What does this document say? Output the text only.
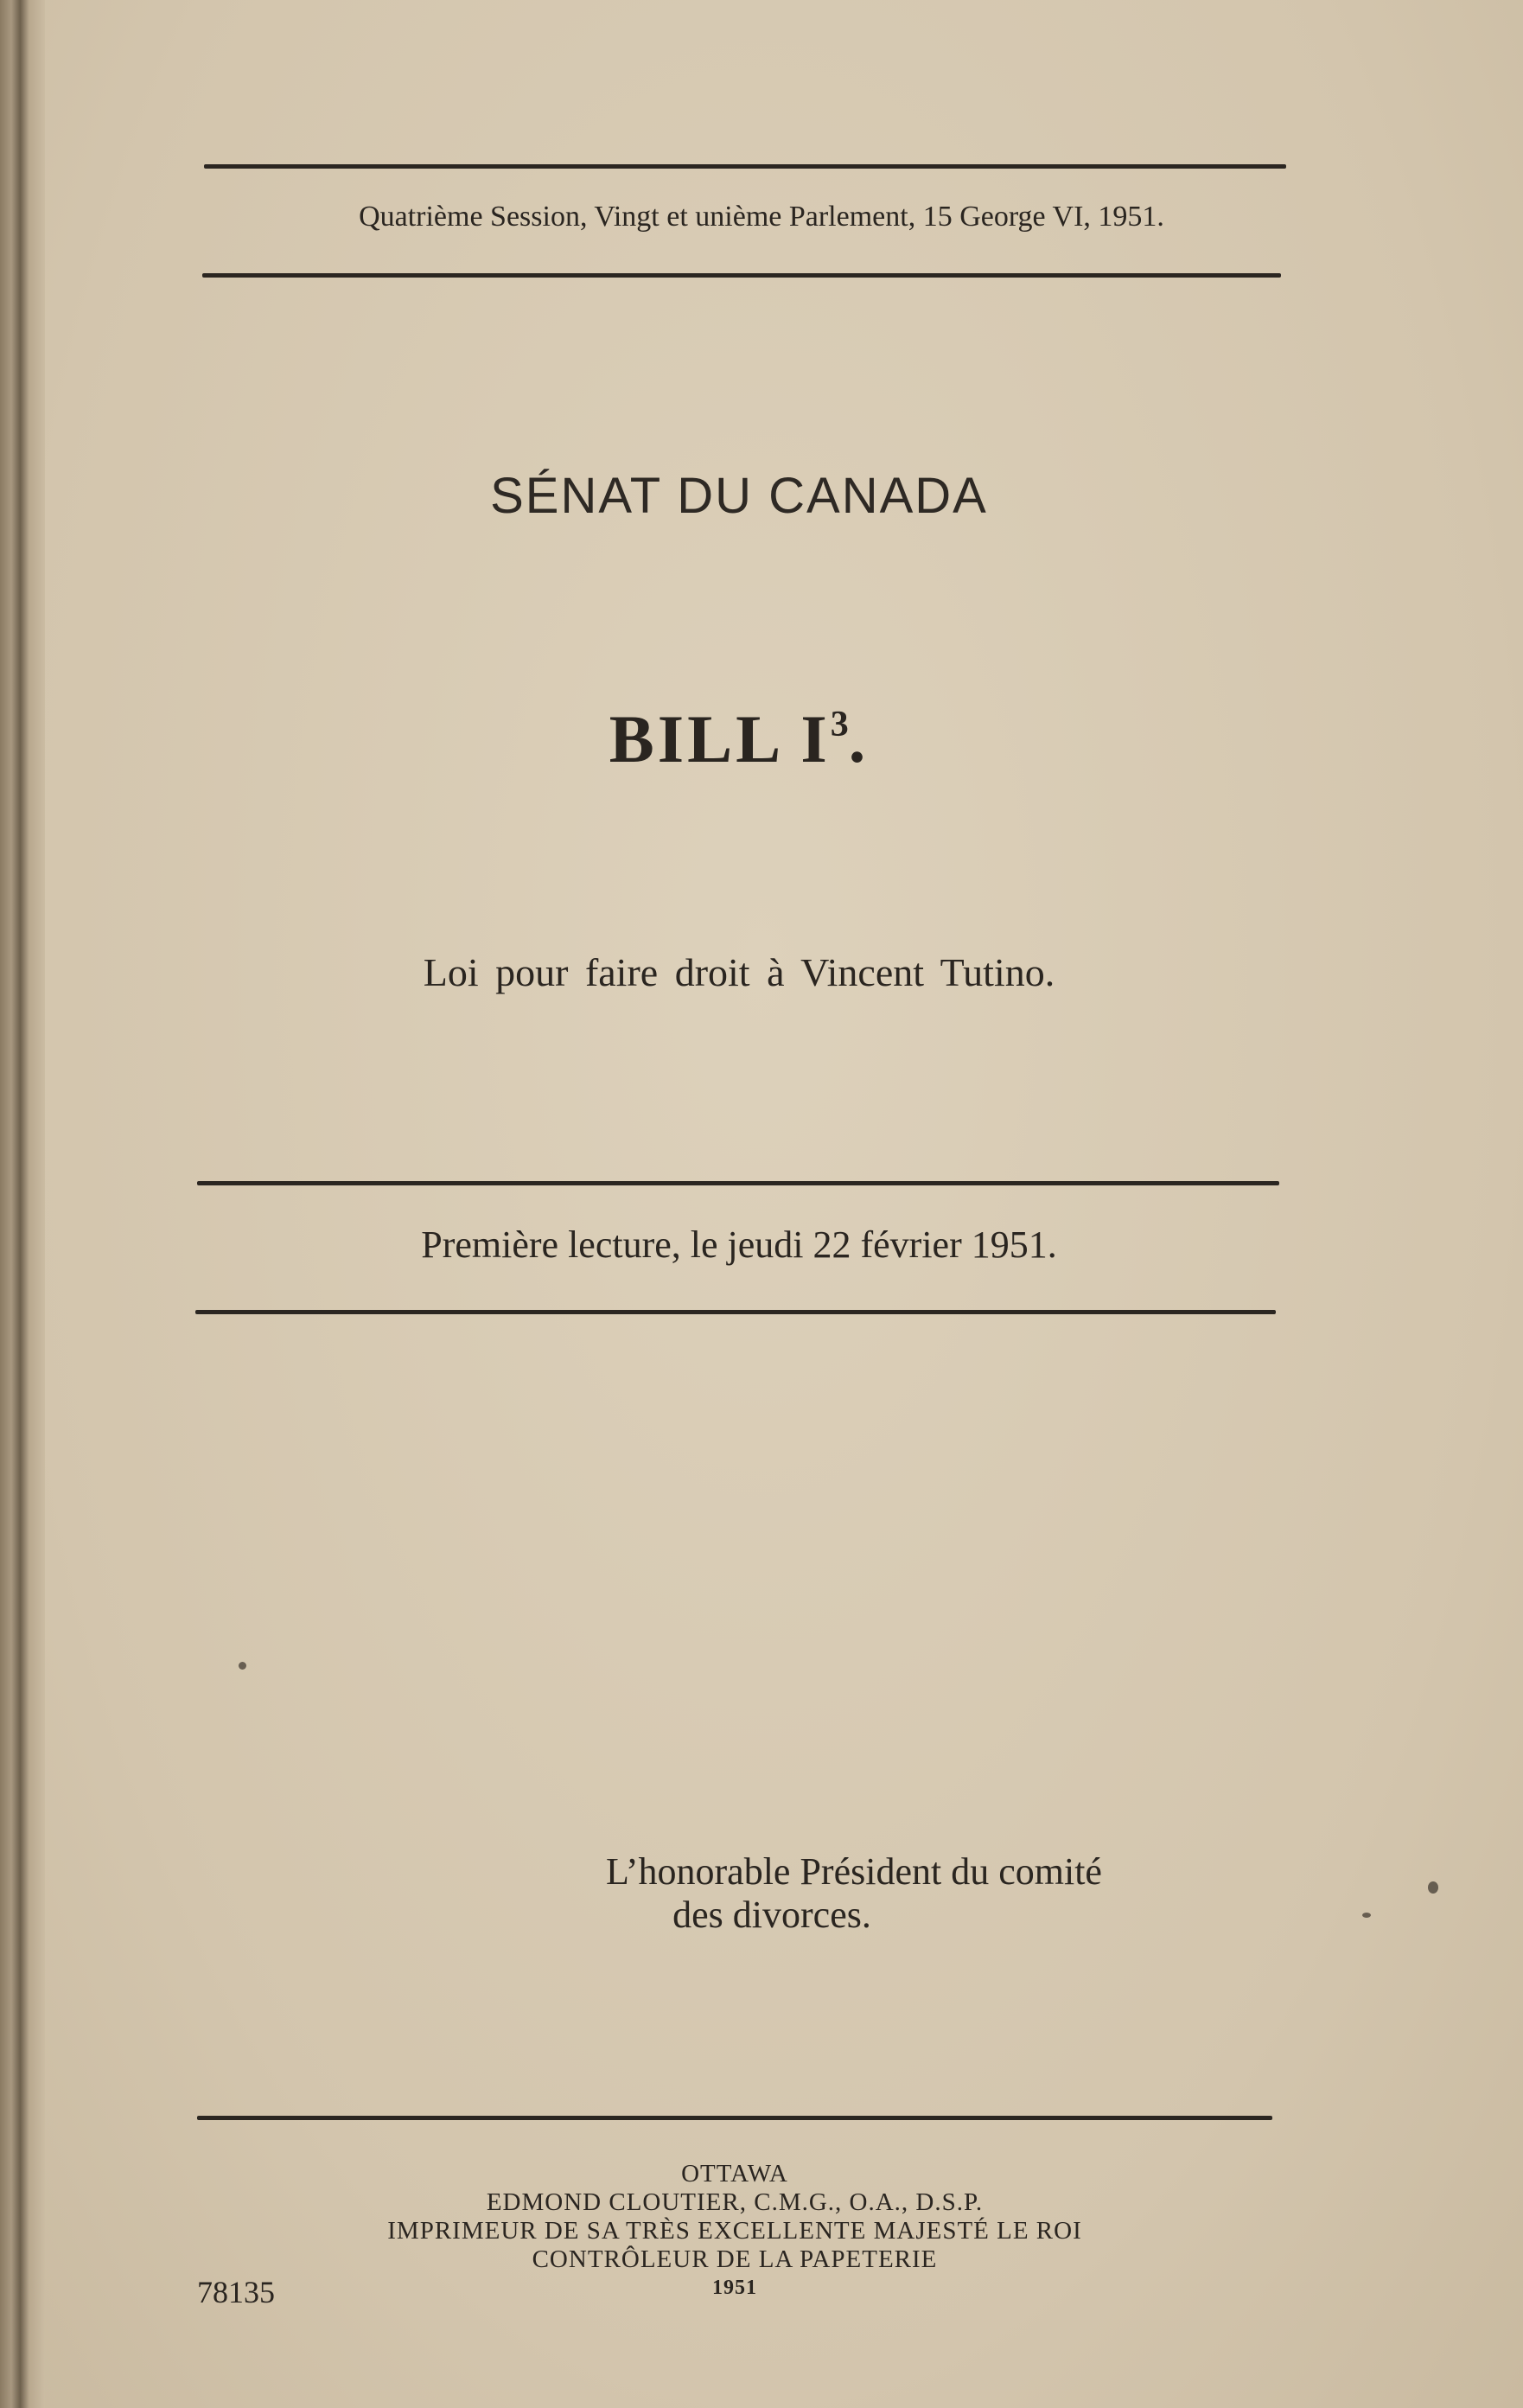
Quatrième Session, Vingt et unième Parlement, 15 George VI, 1951.
SÉNAT DU CANADA
BILL $I^3$.
Loi pour faire droit à Vincent Tutino.
Première lecture, le jeudi 22 février 1951.
L’honorable Président du comité
des divorces.
OTTAWA
EDMOND CLOUTIER, C.M.G., O.A., D.S.P.
IMPRIMEUR DE SA TRÈS EXCELLENTE MAJESTÉ LE ROI
CONTRÔLEUR DE LA PAPETERIE
1951
78135
